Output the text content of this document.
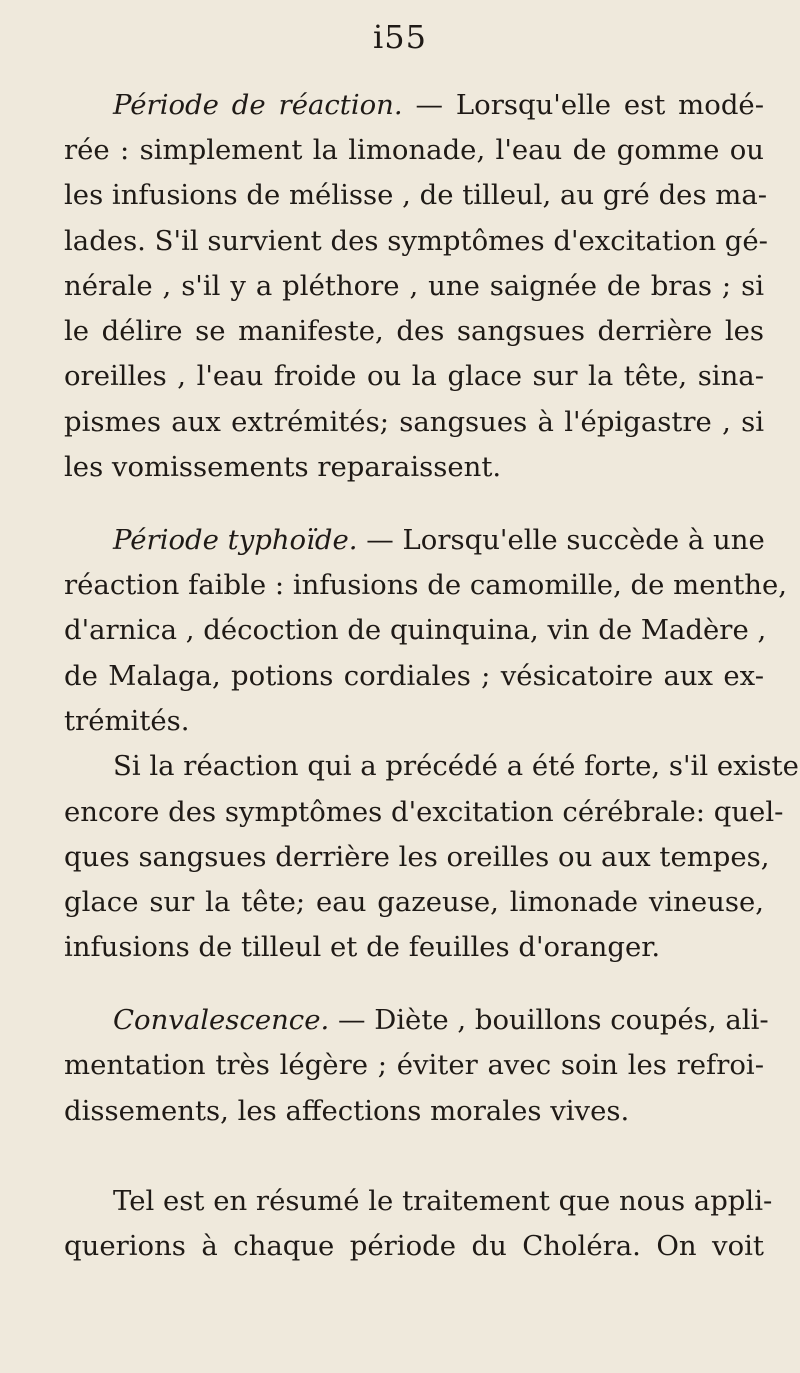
i55
Période de réaction. — Lorsqu'elle est modé-
rée : simplement la limonade, l'eau de gomme ou
les infusions de mélisse , de tilleul, au gré des ma-
lades. S'il survient des symptômes d'excitation gé-
nérale , s'il y a pléthore , une saignée de bras ; si
le délire se manifeste, des sangsues derrière les
oreilles , l'eau froide ou la glace sur la tête, sina-
pismes aux extrémités; sangsues à l'épigastre , si
les vomissements reparaissent.
Période typhoïde. — Lorsqu'elle succède à une
réaction faible : infusions de camomille, de menthe,
d'arnica , décoction de quinquina, vin de Madère ,
de Malaga, potions cordiales ; vésicatoire aux ex-
trémités.
Si la réaction qui a précédé a été forte, s'il existe
encore des symptômes d'excitation cérébrale: quel-
ques sangsues derrière les oreilles ou aux tempes,
glace sur la tête; eau gazeuse, limonade vineuse,
infusions de tilleul et de feuilles d'oranger.
Convalescence. — Diète , bouillons coupés, ali-
mentation très légère ; éviter avec soin les refroi-
dissements, les affections morales vives.
Tel est en résumé le traitement que nous appli-
querions à chaque période du Choléra. On voit
